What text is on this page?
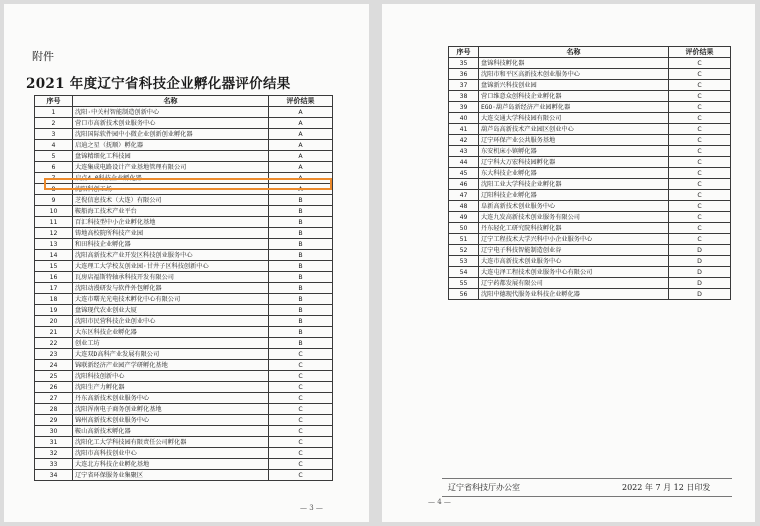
附件
2021 年度辽宁省科技企业孵化器评价结果
序号	名称	评价结果
1	沈阳·中关村智能制造创新中心	A
2	营口市高新技术创业服务中心	A
3	沈阳国际软件园中小微企业创新创业孵化器	A
4	启迪之星（抚顺）孵化器	A
5	盘锦精细化工科技园	A
6	大连集成电路设计产业基地管理有限公司	A
7	启点4.0科技企业孵化器	A
8	沈阳科创工场	A
9	芝倪信息技术（大连）有限公司	B
10	鞍船海工技术产业平台	B
11	百汇科技型中小企业孵化基地	B
12	铸地高校院所科技产业园	B
13	和田科技企业孵化器	B
14	沈阳高新技术产业开发区科技创业服务中心	B
15	大连理工大学校友创业园·甘井子区科技创新中心	B
16	瓦房店福斯特轴承科技开发有限公司	B
17	沈阳动漫研发与软件外包孵化器	B
18	大连市曙光光电技术孵化中心有限公司	B
19	盘锦现代农业创业大厦	B
20	沈阳市民营科技企业创业中心	B
21	大东区科技企业孵化器	B
22	创业工坊	B
23	大连双D高科产业发展有限公司	C
24	锦联新经济产业园产学研孵化基地	C
25	沈阳科技创新中心	C
26	沈阳生产力孵化器	C
27	丹东高新技术创业服务中心	C
28	沈阳浑南电子商务创业孵化基地	C
29	锦州高新技术创业服务中心	C
30	鞍山高新技术孵化器	C
31	沈阳化工大学科技园有限责任公司孵化器	C
32	沈阳市高科技创业中心	C
33	大连北方科技企业孵化基地	C
34	辽宁省环保服务业集聚区	C
— 3 —
序号	名称	评价结果
35	盘锦科技孵化器	C
36	沈阳市和平区高新技术创业服务中心	C
37	盘锦新兴科技创业园	C
38	营口维意众创科技企业孵化器	C
39	EGO·葫芦岛新经济产业园孵化器	C
40	大连交通大学科技园有限公司	C
41	葫芦岛高新技术产业园区创业中心	C
42	辽宁环保产业公共服务基地	C
43	东安机床小镇孵化器	C
44	辽宁科大万宏科技园孵化器	C
45	东大科技企业孵化器	C
46	沈阳工业大学科技企业孵化器	C
47	辽阳科技企业孵化器	C
48	阜新高新技术创业服务中心	C
49	大连九发高新技术创业服务有限公司	C
50	丹东轻化工研究院科技孵化器	C
51	辽宁工程技术大学兴科中小企业服务中心	C
52	辽宁电子科技智能制造创业谷	D
53	大连市高新技术创业服务中心	D
54	大连屯泽工程技术创业服务中心有限公司	D
55	辽宁药都发展有限公司	D
56	沈阳中德现代服务业科技企业孵化器	D
辽宁省科技厅办公室	2022 年 7 月 12 日印发
— 4 —
